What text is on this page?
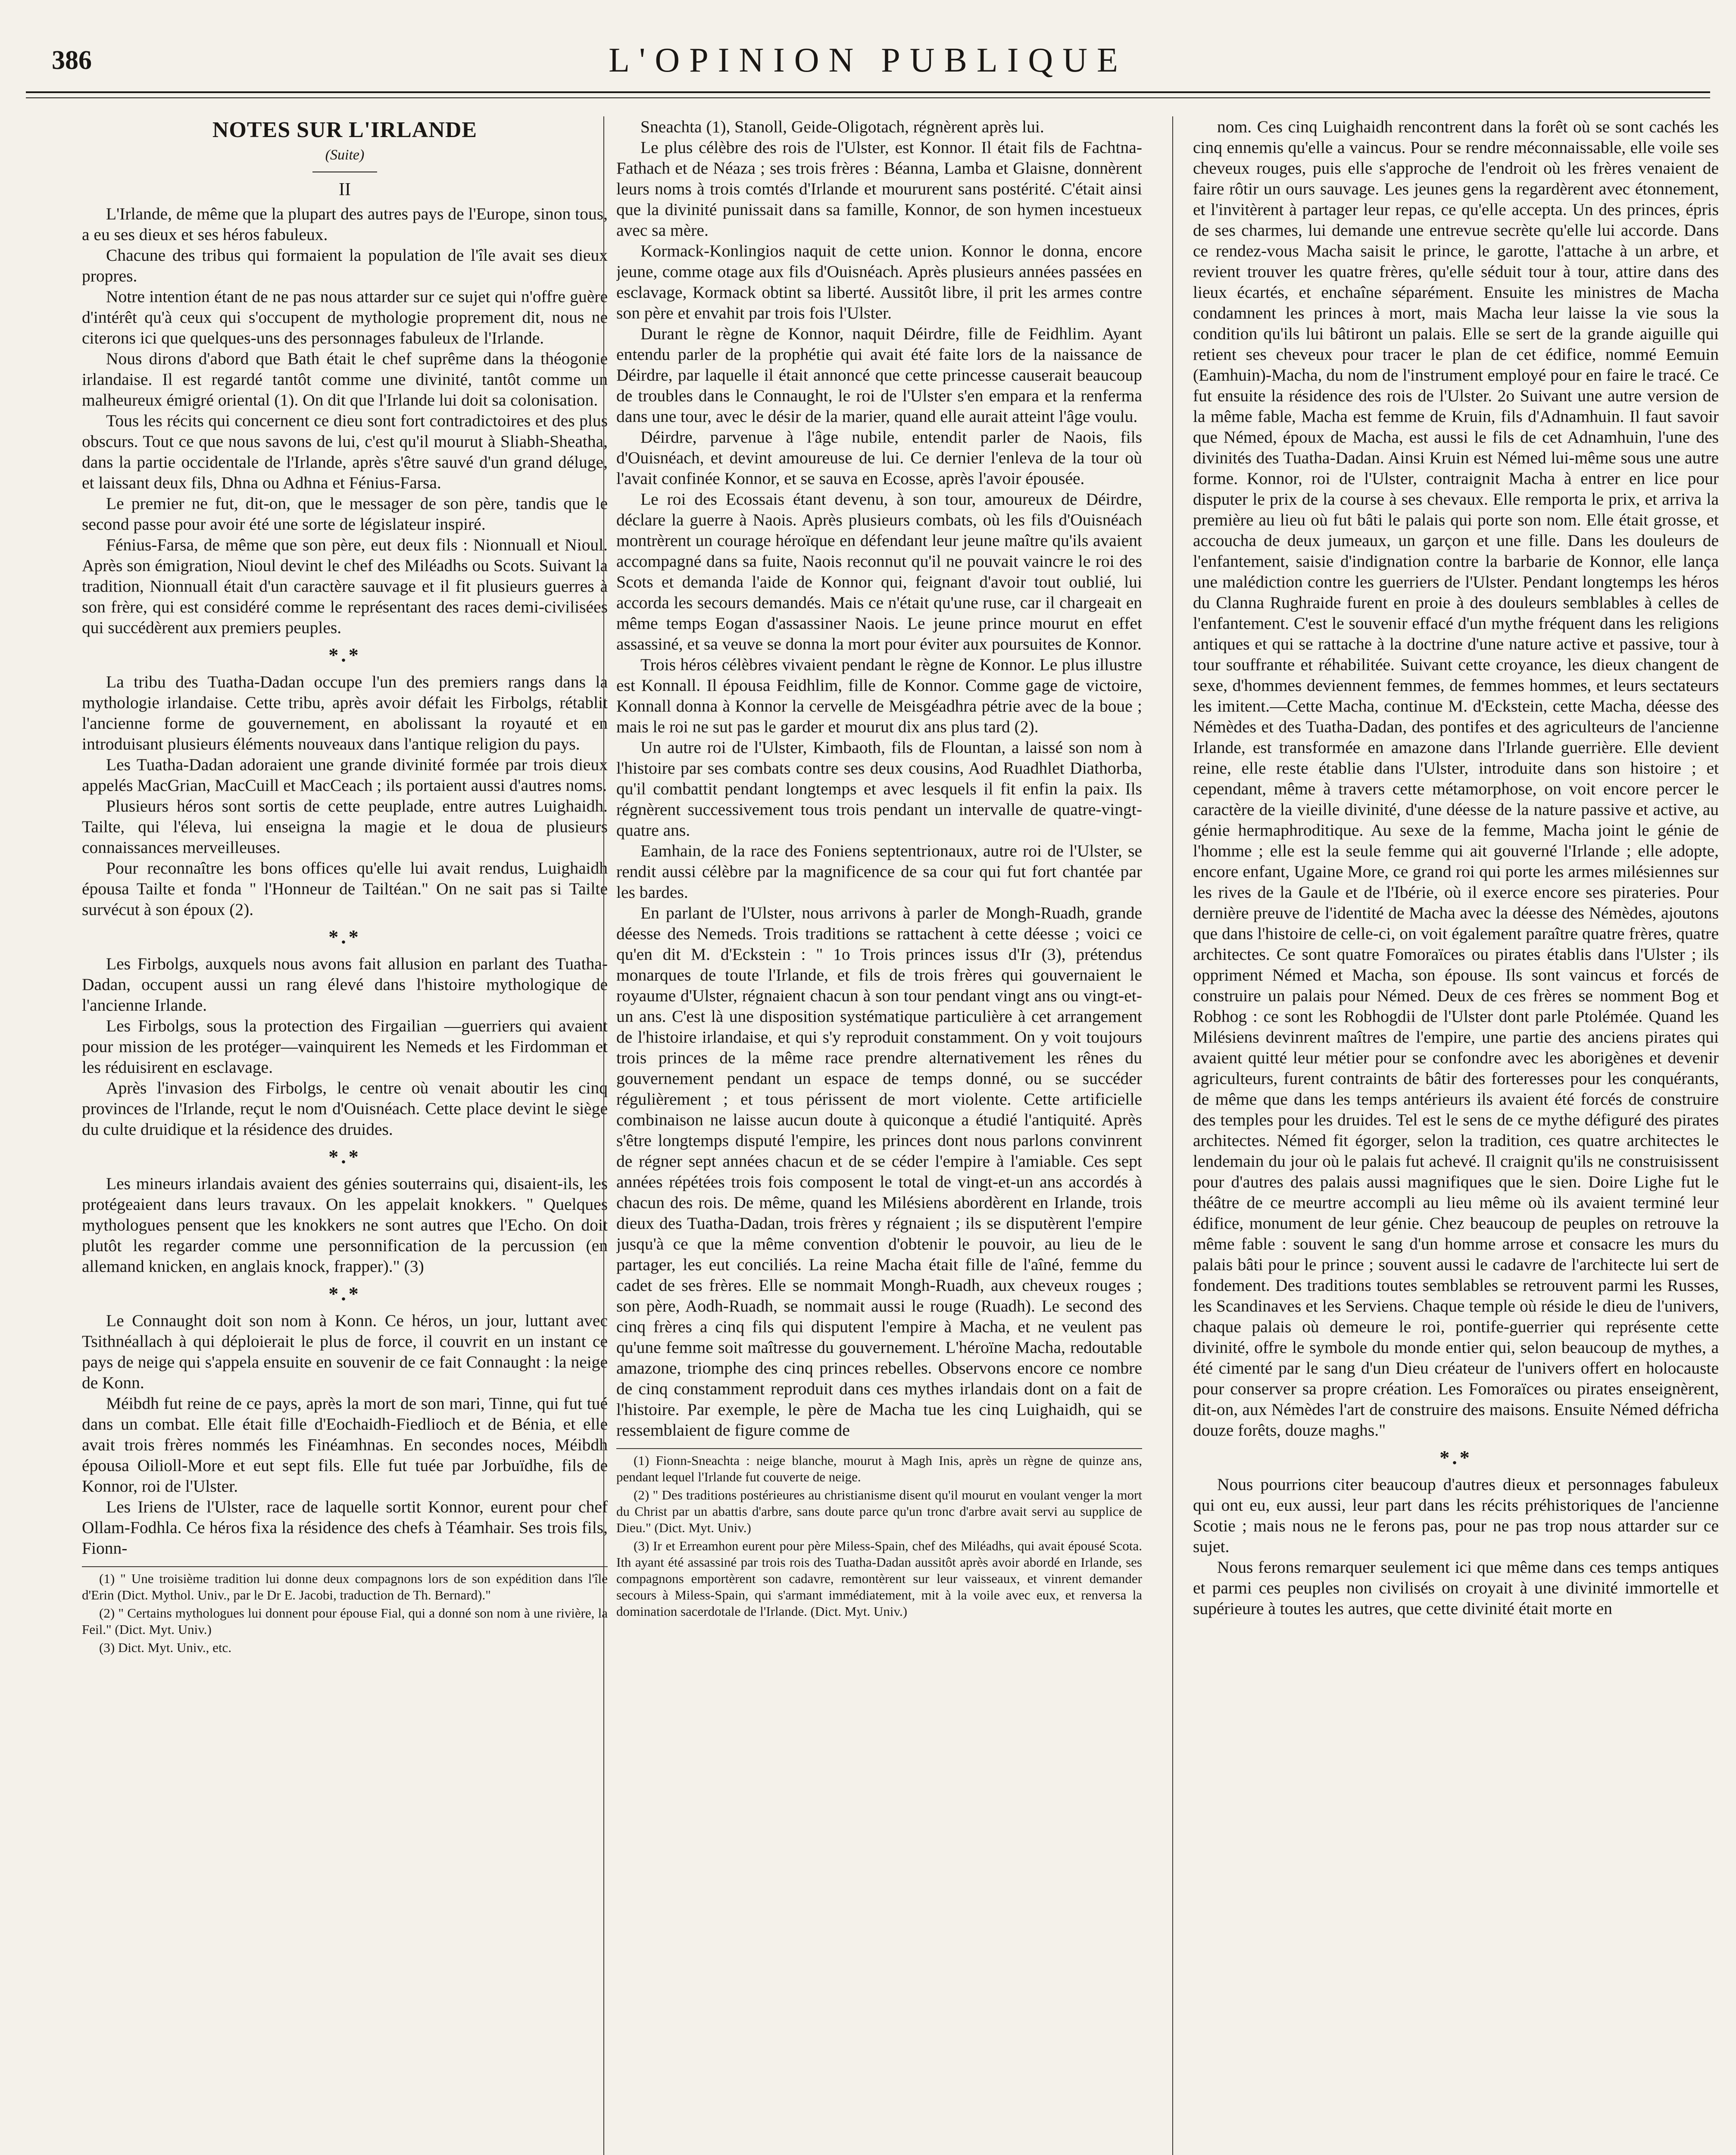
386	L'OPINION PUBLIQUE
NOTES SUR L'IRLANDE
(Suite)
II

L'Irlande, de même que la plupart des autres pays de l'Europe, sinon tous, a eu ses dieux et ses héros fabuleux.

Chacune des tribus qui formaient la population de l'île avait ses dieux propres.

Notre intention étant de ne pas nous attarder sur ce sujet qui n'offre guère d'intérêt qu'à ceux qui s'occupent de mythologie proprement dit, nous ne citerons ici que quelques-uns des personnages fabuleux de l'Irlande.

Nous dirons d'abord que Bath était le chef suprême dans la théogonie irlandaise. Il est regardé tantôt comme une divinité, tantôt comme un malheureux émigré oriental (1). On dit que l'Irlande lui doit sa colonisation.

Tous les récits qui concernent ce dieu sont fort contradictoires et des plus obscurs. Tout ce que nous savons de lui, c'est qu'il mourut à Sliabh-Sheatha, dans la partie occidentale de l'Irlande, après s'être sauvé d'un grand déluge, et laissant deux fils, Dhna ou Adhna et Fénius-Farsa.

Le premier ne fut, dit-on, que le messager de son père, tandis que le second passe pour avoir été une sorte de législateur inspiré.

Fénius-Farsa, de même que son père, eut deux fils : Nionnuall et Nioul. Après son émigration, Nioul devint le chef des Miléadhs ou Scots. Suivant la tradition, Nionnuall était d'un caractère sauvage et il fit plusieurs guerres à son frère, qui est considéré comme le représentant des races demi-civilisées qui succédèrent aux premiers peuples.

*.*

La tribu des Tuatha-Dadan occupe l'un des premiers rangs dans la mythologie irlandaise. Cette tribu, après avoir défait les Firbolgs, rétablit l'ancienne forme de gouvernement, en abolissant la royauté et en introduisant plusieurs éléments nouveaux dans l'antique religion du pays.

Les Tuatha-Dadan adoraient une grande divinité formée par trois dieux appelés MacGrian, MacCuill et MacCeach ; ils portaient aussi d'autres noms.

Plusieurs héros sont sortis de cette peuplade, entre autres Luighaidh. Tailte, qui l'éleva, lui enseigna la magie et le doua de plusieurs connaissances merveilleuses.

Pour reconnaître les bons offices qu'elle lui avait rendus, Luighaidh épousa Tailte et fonda " l'Honneur de Tailtéan." On ne sait pas si Tailte survécut à son époux (2).

*.*

Les Firbolgs, auxquels nous avons fait allusion en parlant des Tuatha-Dadan, occupent aussi un rang élevé dans l'histoire mythologique de l'ancienne Irlande.

Les Firbolgs, sous la protection des Firgailian —guerriers qui avaient pour mission de les protéger—vainquirent les Nemeds et les Firdomman et les réduisirent en esclavage.

Après l'invasion des Firbolgs, le centre où venait aboutir les cinq provinces de l'Irlande, reçut le nom d'Ouisnéach. Cette place devint le siège du culte druidique et la résidence des druides.

*.*

Les mineurs irlandais avaient des génies souterrains qui, disaient-ils, les protégeaient dans leurs travaux. On les appelait knokkers. " Quelques mythologues pensent que les knokkers ne sont autres que l'Echo. On doit plutôt les regarder comme une personnification de la percussion (en allemand knicken, en anglais knock, frapper)." (3)

*.*

Le Connaught doit son nom à Konn. Ce héros, un jour, luttant avec Tsithnéallach à qui déploierait le plus de force, il couvrit en un instant ce pays de neige qui s'appela ensuite en souvenir de ce fait Connaught : la neige de Konn.

Méibdh fut reine de ce pays, après la mort de son mari, Tinne, qui fut tué dans un combat. Elle était fille d'Eochaidh-Fiedlioch et de Bénia, et elle avait trois frères nommés les Finéamhnas. En secondes noces, Méibdh épousa Oilioll-More et eut sept fils. Elle fut tuée par Jorbuïdhe, fils de Konnor, roi de l'Ulster.

Les Iriens de l'Ulster, race de laquelle sortit Konnor, eurent pour chef Ollam-Fodhla. Ce héros fixa la résidence des chefs à Téamhair. Ses trois fils, Fionn-

(1) " Une troisième tradition lui donne deux compagnons lors de son expédition dans l'île d'Erin (Dict. Mythol. Univ., par le Dr E. Jacobi, traduction de Th. Bernard)."

(2) " Certains mythologues lui donnent pour épouse Fial, qui a donné son nom à une rivière, la Feil." (Dict. Myt. Univ.)

(3) Dict. Myt. Univ., etc.

Sneachta (1), Stanoll, Geide-Oligotach, régnèrent après lui.

Le plus célèbre des rois de l'Ulster, est Konnor. Il était fils de Fachtna-Fathach et de Néaza ; ses trois frères : Béanna, Lamba et Glaisne, donnèrent leurs noms à trois comtés d'Irlande et moururent sans postérité. C'était ainsi que la divinité punissait dans sa famille, Konnor, de son hymen incestueux avec sa mère.

Kormack-Konlingios naquit de cette union. Konnor le donna, encore jeune, comme otage aux fils d'Ouisnéach. Après plusieurs années passées en esclavage, Kormack obtint sa liberté. Aussitôt libre, il prit les armes contre son père et envahit par trois fois l'Ulster.

Durant le règne de Konnor, naquit Déirdre, fille de Feidhlim. Ayant entendu parler de la prophétie qui avait été faite lors de la naissance de Déirdre, par laquelle il était annoncé que cette princesse causerait beaucoup de troubles dans le Connaught, le roi de l'Ulster s'en empara et la renferma dans une tour, avec le désir de la marier, quand elle aurait atteint l'âge voulu.

Déirdre, parvenue à l'âge nubile, entendit parler de Naois, fils d'Ouisnéach, et devint amoureuse de lui. Ce dernier l'enleva de la tour où l'avait confinée Konnor, et se sauva en Ecosse, après l'avoir épousée.

Le roi des Ecossais étant devenu, à son tour, amoureux de Déirdre, déclare la guerre à Naois. Après plusieurs combats, où les fils d'Ouisnéach montrèrent un courage héroïque en défendant leur jeune maître qu'ils avaient accompagné dans sa fuite, Naois reconnut qu'il ne pouvait vaincre le roi des Scots et demanda l'aide de Konnor qui, feignant d'avoir tout oublié, lui accorda les secours demandés. Mais ce n'était qu'une ruse, car il chargeait en même temps Eogan d'assassiner Naois. Le jeune prince mourut en effet assassiné, et sa veuve se donna la mort pour éviter aux poursuites de Konnor.

Trois héros célèbres vivaient pendant le règne de Konnor. Le plus illustre est Konnall. Il épousa Feidhlim, fille de Konnor. Comme gage de victoire, Konnall donna à Konnor la cervelle de Meisgéadhra pétrie avec de la boue ; mais le roi ne sut pas le garder et mourut dix ans plus tard (2).

Un autre roi de l'Ulster, Kimbaoth, fils de Flountan, a laissé son nom à l'histoire par ses combats contre ses deux cousins, Aod Ruadhlet Diathorba, qu'il combattit pendant longtemps et avec lesquels il fit enfin la paix. Ils régnèrent successivement tous trois pendant un intervalle de quatre-vingt-quatre ans.

Eamhain, de la race des Foniens septentrionaux, autre roi de l'Ulster, se rendit aussi célèbre par la magnificence de sa cour qui fut fort chantée par les bardes.

En parlant de l'Ulster, nous arrivons à parler de Mongh-Ruadh, grande déesse des Nemeds. Trois traditions se rattachent à cette déesse ; voici ce qu'en dit M. d'Eckstein : " 1o Trois princes issus d'Ir (3), prétendus monarques de toute l'Irlande, et fils de trois frères qui gouvernaient le royaume d'Ulster, régnaient chacun à son tour pendant vingt ans ou vingt-et-un ans. C'est là une disposition systématique particulière à cet arrangement de l'histoire irlandaise, et qui s'y reproduit constamment. On y voit toujours trois princes de la même race prendre alternativement les rênes du gouvernement pendant un espace de temps donné, ou se succéder régulièrement ; et tous périssent de mort violente. Cette artificielle combinaison ne laisse aucun doute à quiconque a étudié l'antiquité. Après s'être longtemps disputé l'empire, les princes dont nous parlons convinrent de régner sept années chacun et de se céder l'empire à l'amiable. Ces sept années répétées trois fois composent le total de vingt-et-un ans accordés à chacun des rois. De même, quand les Milésiens abordèrent en Irlande, trois dieux des Tuatha-Dadan, trois frères y régnaient ; ils se disputèrent l'empire jusqu'à ce que la même convention d'obtenir le pouvoir, au lieu de le partager, les eut conciliés. La reine Macha était fille de l'aîné, femme du cadet de ses frères. Elle se nommait Mongh-Ruadh, aux cheveux rouges ; son père, Aodh-Ruadh, se nommait aussi le rouge (Ruadh). Le second des cinq frères a cinq fils qui disputent l'empire à Macha, et ne veulent pas qu'une femme soit maîtresse du gouvernement. L'héroïne Macha, redoutable amazone, triomphe des cinq princes rebelles. Observons encore ce nombre de cinq constamment reproduit dans ces mythes irlandais dont on a fait de l'histoire. Par exemple, le père de Macha tue les cinq Luighaidh, qui se ressemblaient de figure comme de

(1) Fionn-Sneachta : neige blanche, mourut à Magh Inis, après un règne de quinze ans, pendant lequel l'Irlande fut couverte de neige.

(2) " Des traditions postérieures au christianisme disent qu'il mourut en voulant venger la mort du Christ par un abattis d'arbre, sans doute parce qu'un tronc d'arbre avait servi au supplice de Dieu." (Dict. Myt. Univ.)

(3) Ir et Erreamhon eurent pour père Miless-Spain, chef des Miléadhs, qui avait épousé Scota. Ith ayant été assassiné par trois rois des Tuatha-Dadan aussitôt après avoir abordé en Irlande, ses compagnons emportèrent son cadavre, remontèrent sur leur vaisseaux, et vinrent demander secours à Miless-Spain, qui s'armant immédiatement, mit à la voile avec eux, et renversa la domination sacerdotale de l'Irlande. (Dict. Myt. Univ.)

nom. Ces cinq Luighaidh rencontrent dans la forêt où se sont cachés les cinq ennemis qu'elle a vaincus. Pour se rendre méconnaissable, elle voile ses cheveux rouges, puis elle s'approche de l'endroit où les frères venaient de faire rôtir un ours sauvage. Les jeunes gens la regardèrent avec étonnement, et l'invitèrent à partager leur repas, ce qu'elle accepta. Un des princes, épris de ses charmes, lui demande une entrevue secrète qu'elle lui accorde. Dans ce rendez-vous Macha saisit le prince, le garotte, l'attache à un arbre, et revient trouver les quatre frères, qu'elle séduit tour à tour, attire dans des lieux écartés, et enchaîne séparément. Ensuite les ministres de Macha condamnent les princes à mort, mais Macha leur laisse la vie sous la condition qu'ils lui bâtiront un palais. Elle se sert de la grande aiguille qui retient ses cheveux pour tracer le plan de cet édifice, nommé Eemuin (Eamhuin)-Macha, du nom de l'instrument employé pour en faire le tracé. Ce fut ensuite la résidence des rois de l'Ulster. 2o Suivant une autre version de la même fable, Macha est femme de Kruin, fils d'Adnamhuin. Il faut savoir que Némed, époux de Macha, est aussi le fils de cet Adnamhuin, l'une des divinités des Tuatha-Dadan. Ainsi Kruin est Némed lui-même sous une autre forme. Konnor, roi de l'Ulster, contraignit Macha à entrer en lice pour disputer le prix de la course à ses chevaux. Elle remporta le prix, et arriva la première au lieu où fut bâti le palais qui porte son nom. Elle était grosse, et accoucha de deux jumeaux, un garçon et une fille. Dans les douleurs de l'enfantement, saisie d'indignation contre la barbarie de Konnor, elle lança une malédiction contre les guerriers de l'Ulster. Pendant longtemps les héros du Clanna Rughraide furent en proie à des douleurs semblables à celles de l'enfantement. C'est le souvenir effacé d'un mythe fréquent dans les religions antiques et qui se rattache à la doctrine d'une nature active et passive, tour à tour souffrante et réhabilitée. Suivant cette croyance, les dieux changent de sexe, d'hommes deviennent femmes, de femmes hommes, et leurs sectateurs les imitent.—Cette Macha, continue M. d'Eckstein, cette Macha, déesse des Némèdes et des Tuatha-Dadan, des pontifes et des agriculteurs de l'ancienne Irlande, est transformée en amazone dans l'Irlande guerrière. Elle devient reine, elle reste établie dans l'Ulster, introduite dans son histoire ; et cependant, même à travers cette métamorphose, on voit encore percer le caractère de la vieille divinité, d'une déesse de la nature passive et active, au génie hermaphroditique. Au sexe de la femme, Macha joint le génie de l'homme ; elle est la seule femme qui ait gouverné l'Irlande ; elle adopte, encore enfant, Ugaine More, ce grand roi qui porte les armes milésiennes sur les rives de la Gaule et de l'Ibérie, où il exerce encore ses pirateries. Pour dernière preuve de l'identité de Macha avec la déesse des Némèdes, ajoutons que dans l'histoire de celle-ci, on voit également paraître quatre frères, quatre architectes. Ce sont quatre Fomoraïces ou pirates établis dans l'Ulster ; ils oppriment Némed et Macha, son épouse. Ils sont vaincus et forcés de construire un palais pour Némed. Deux de ces frères se nomment Bog et Robhog : ce sont les Robhogdii de l'Ulster dont parle Ptolémée. Quand les Milésiens devinrent maîtres de l'empire, une partie des anciens pirates qui avaient quitté leur métier pour se confondre avec les aborigènes et devenir agriculteurs, furent contraints de bâtir des forteresses pour les conquérants, de même que dans les temps antérieurs ils avaient été forcés de construire des temples pour les druides. Tel est le sens de ce mythe défiguré des pirates architectes. Némed fit égorger, selon la tradition, ces quatre architectes le lendemain du jour où le palais fut achevé. Il craignit qu'ils ne construisissent pour d'autres des palais aussi magnifiques que le sien. Doire Lighe fut le théâtre de ce meurtre accompli au lieu même où ils avaient terminé leur édifice, monument de leur génie. Chez beaucoup de peuples on retrouve la même fable : souvent le sang d'un homme arrose et consacre les murs du palais bâti pour le prince ; souvent aussi le cadavre de l'architecte lui sert de fondement. Des traditions toutes semblables se retrouvent parmi les Russes, les Scandinaves et les Serviens. Chaque temple où réside le dieu de l'univers, chaque palais où demeure le roi, pontife-guerrier qui représente cette divinité, offre le symbole du monde entier qui, selon beaucoup de mythes, a été cimenté par le sang d'un Dieu créateur de l'univers offert en holocauste pour conserver sa propre création. Les Fomoraïces ou pirates enseignèrent, dit-on, aux Némèdes l'art de construire des maisons. Ensuite Némed défricha douze forêts, douze maghs."

*.*

Nous pourrions citer beaucoup d'autres dieux et personnages fabuleux qui ont eu, eux aussi, leur part dans les récits préhistoriques de l'ancienne Scotie ; mais nous ne le ferons pas, pour ne pas trop nous attarder sur ce sujet.

Nous ferons remarquer seulement ici que même dans ces temps antiques et parmi ces peuples non civilisés on croyait à une divinité immortelle et supérieure à toutes les autres, que cette divinité était morte en
